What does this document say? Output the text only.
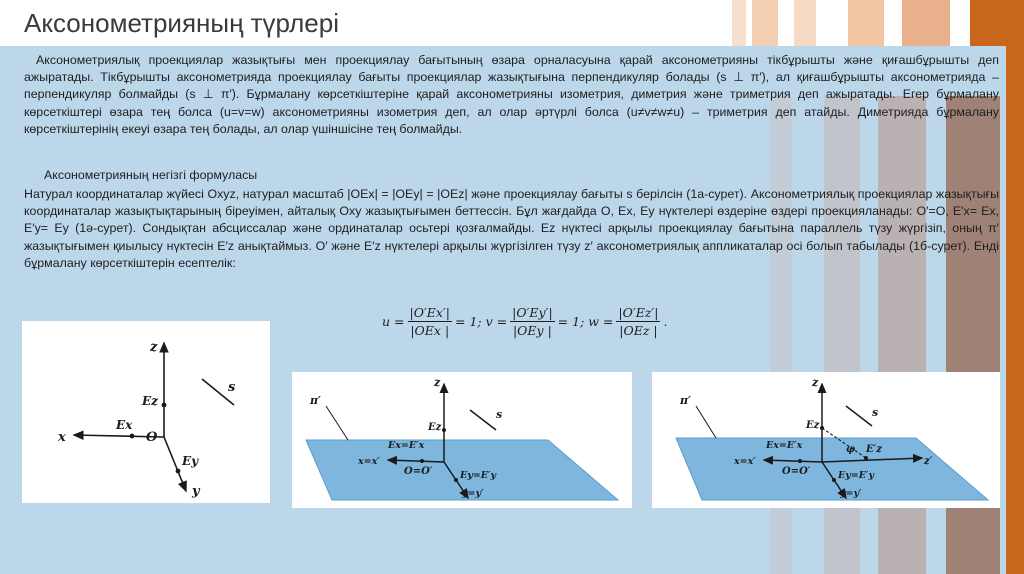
Аксонометрияның түрлері
Аксонометриялық проекциялар жазықтығы мен проекциялау бағытының өзара орналасуына қарай аксонометрияны тікбұрышты және қиғашбұрышты деп ажыратады. Тікбұрышты аксонометрияда проекциялау бағыты проекциялар жазықтығына перпендикуляр болады (s ⊥ π′), ал қиғашбұрышты аксонометрияда – перпендикуляр болмайды (s ⊥ π′). Бұрмалану көрсеткіштеріне қарай аксонометрияны изометрия, диметрия және триметрия деп ажыратады. Егер бұрмалану көрсеткіштері өзара тең болса (u=v=w) аксонометрияны изометрия деп, ал олар әртүрлі болса (u≠v≠w≠u) – триметрия деп атайды. Диметрияда бұрмалану көрсеткіштерінің екеуі өзара тең болады, ал олар үшіншісіне тең болмайды.
Аксонометрияның негізгі формуласы
Натурал координаталар жүйесі Oxyz, натурал масштаб |OEx| = |OEy| = |OEz| және проекциялау бағыты s берілсін (1а-сурет). Аксонометриялық проекциялар жазықтығы координаталар жазықтықтарының біреуімен, айталық Oxy жазықтығымен беттессін. Бұл жағдайда O, Ex, Ey нүктелері өздеріне өздері проекцияланады: O′=O, E′x= Ex, E′y= Ey (1ә-сурет). Сондықтан абсциссалар және ординаталар осьтері қозғалмайды. Ez нүктесі арқылы проекциялау бағытына параллель түзу жүргізіп, оның π′ жазықтығымен қиылысу нүктесін E′z анықтаймыз. O′ және E′z нүктелері арқылы жүргізілген түзу z′ аксонометриялық аппликаталар осі болып табылады (1б-сурет). Енді бұрмалану көрсеткіштерін есептелік:
$u = \frac{|O'Ex'|}{\text{|OEx |}} = 1$; $v = \frac{|O'Ey'|}{\text{|OEy |}} = 1$; $w = \frac{|O'Ez'|}{\text{|OEz |}}$ .
z
s
Ez
x
Ex
O
Ey
y
π′
z
s
Ez
Ex=E′x
x=x′
O=O′	Ey=E′y
y=y′
π′
z
s
Ez
φ E′z
Ex=E′x
x=x′
O=O′	Ey=E′y
y=y′
z′
